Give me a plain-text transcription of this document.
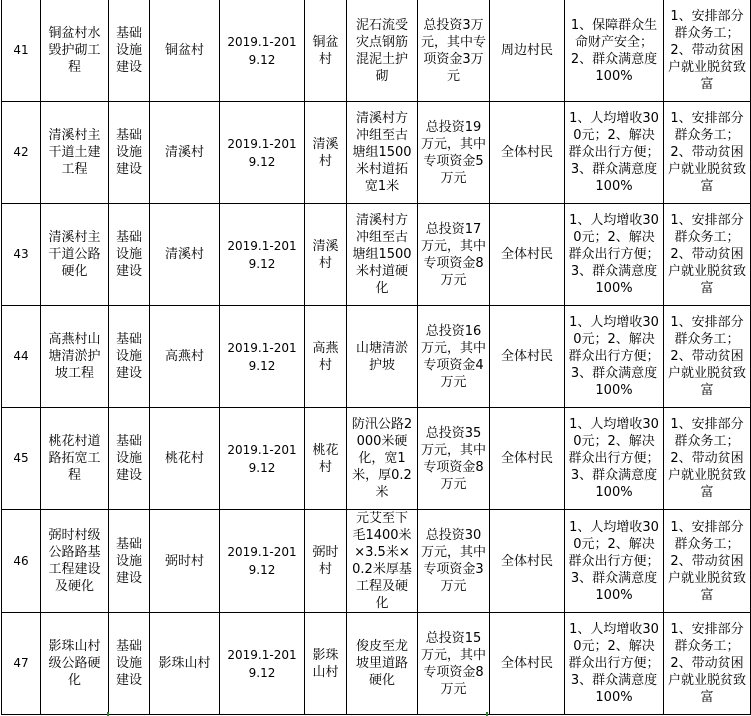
41	铜盆村水毁护砌工程	基础设施建设	铜盆村	2019.1-2019.12	铜盆村	泥石流受灾点钢筋混泥土护砌	总投资3万元，其中专项资金3万元	周边村民	1、保障群众生命财产安全；2、群众满意度100%	1、安排部分群众务工；2、带动贫困户就业脱贫致富
42	清溪村主干道土建工程	基础设施建设	清溪村	2019.1-2019.12	清溪村	清溪村方冲组至古塘组1500米村道拓宽1米	总投资19万元，其中专项资金5万元	全体村民	1、人均增收300元；2、解决群众出行方便；3、群众满意度100%	1、安排部分群众务工；2、带动贫困户就业脱贫致富
43	清溪村主干道公路硬化	基础设施建设	清溪村	2019.1-2019.12	清溪村	清溪村方冲组至古塘组1500米村道硬化	总投资17万元，其中专项资金8万元	全体村民	1、人均增收300元；2、解决群众出行方便；3、群众满意度100%	1、安排部分群众务工；2、带动贫困户就业脱贫致富
44	高燕村山塘清淤护坡工程	基础设施建设	高燕村	2019.1-2019.12	高燕村	山塘清淤护坡	总投资16万元，其中专项资金4万元	全体村民	1、人均增收300元；2、解决群众出行方便；3、群众满意度100%	1、安排部分群众务工；2、带动贫困户就业脱贫致富
45	桃花村道路拓宽工程	基础设施建设	桃花村	2019.1-2019.12	桃花村	防汛公路2000米硬化，宽1米，厚0.2米	总投资35万元，其中专项资金8万元	全体村民	1、人均增收300元；2、解决群众出行方便；3、群众满意度100%	1、安排部分群众务工；2、带动贫困户就业脱贫致富
46	弼时村级公路路基工程建设及硬化	基础设施建设	弼时村	2019.1-2019.12	弼时村	元艾至下毛1400米×3.5米×0.2米厚基工程及硬化	总投资30万元，其中专项资金3万元	全体村民	1、人均增收300元；2、解决群众出行方便；3、群众满意度100%	1、安排部分群众务工；2、带动贫困户就业脱贫致富
47	影珠山村级公路硬化	基础设施建设	影珠山村	2019.1-2019.12	影珠山村	俊皮至龙坡里道路硬化	总投资15万元，其中专项资金8万元	全体村民	1、人均增收300元；2、解决群众出行方便；3、群众满意度100%	1、安排部分群众务工；2、带动贫困户就业脱贫致富
